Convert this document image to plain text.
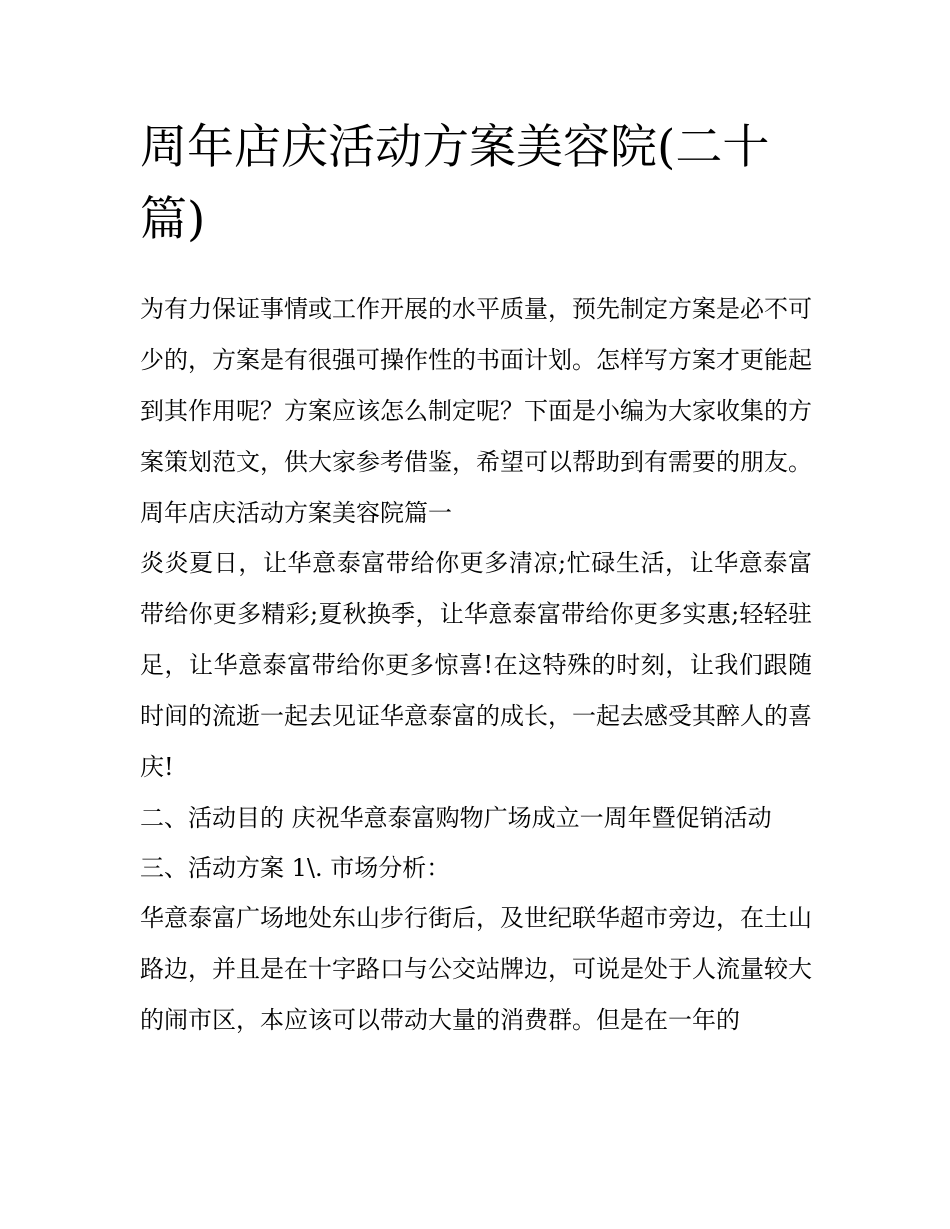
周年店庆活动方案美容院(二十篇)

为有力保证事情或工作开展的水平质量，预先制定方案是必不可少的，方案是有很强可操作性的书面计划。怎样写方案才更能起到其作用呢？方案应该怎么制定呢？下面是小编为大家收集的方案策划范文，供大家参考借鉴，希望可以帮助到有需要的朋友。

周年店庆活动方案美容院篇一

炎炎夏日，让华意泰富带给你更多清凉;忙碌生活，让华意泰富带给你更多精彩;夏秋换季，让华意泰富带给你更多实惠;轻轻驻足，让华意泰富带给你更多惊喜!在这特殊的时刻，让我们跟随时间的流逝一起去见证华意泰富的成长，一起去感受其醉人的喜庆!

二、活动目的 庆祝华意泰富购物广场成立一周年暨促销活动

三、活动方案 1\. 市场分析：

华意泰富广场地处东山步行街后，及世纪联华超市旁边，在土山路边，并且是在十字路口与公交站牌边，可说是处于人流量较大的闹市区，本应该可以带动大量的消费群。但是在一年的
